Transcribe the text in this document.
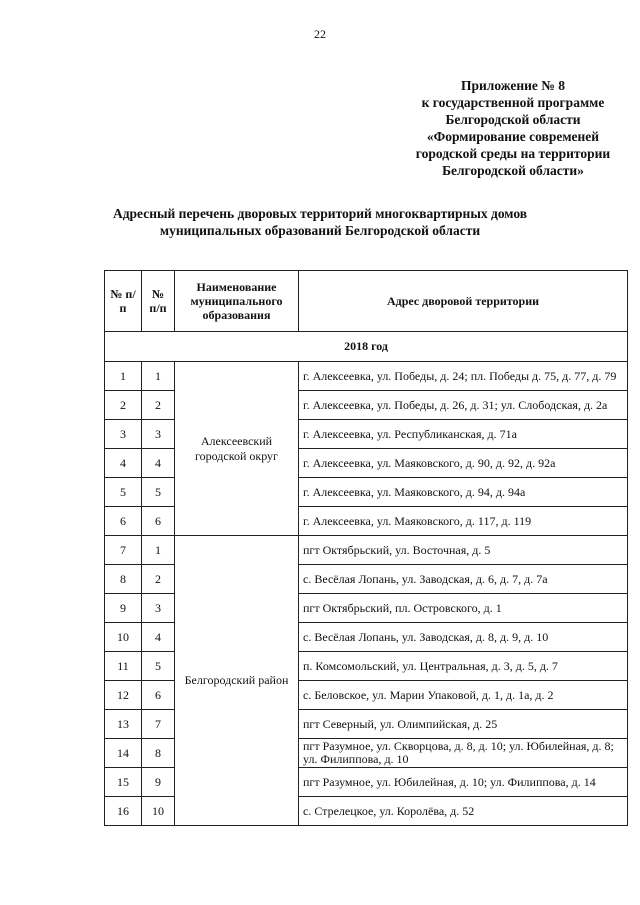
22
Приложение № 8
к государственной программе
Белгородской области
«Формирование современей
городской среды на территории
Белгородской области»
Адресный перечень дворовых территорий многоквартирных домов
муниципальных образований Белгородской области
№ п/п	№ п/п	Наименование муниципального образования	Адрес дворовой территории
2018 год			
1	1	Алексеевский городской округ	г. Алексеевка, ул. Победы, д. 24; пл. Победы д. 75, д. 77, д. 79
2	2		г. Алексеевка, ул. Победы, д. 26, д. 31; ул. Слободская, д. 2а
3	3		г. Алексеевка, ул. Республиканская, д. 71а
4	4		г. Алексеевка, ул. Маяковского, д. 90, д. 92, д. 92а
5	5		г. Алексеевка, ул. Маяковского, д. 94, д. 94а
6	6		г. Алексеевка, ул. Маяковского, д. 117, д. 119
7	1	Белгородский район	пгт Октябрьский, ул. Восточная, д. 5
8	2		с. Весёлая Лопань, ул. Заводская, д. 6, д. 7, д. 7а
9	3		пгт Октябрьский, пл. Островского, д. 1
10	4		с. Весёлая Лопань, ул. Заводская, д. 8, д. 9, д. 10
11	5		п. Комсомольский, ул. Центральная, д. 3, д. 5, д. 7
12	6		с. Беловское, ул. Марии Упаковой, д. 1, д. 1а, д. 2
13	7		пгт Северный, ул. Олимпийская, д. 25
14	8		пгт Разумное, ул. Скворцова, д. 8, д. 10; ул. Юбилейная, д. 8; ул. Филиппова, д. 10
15	9		пгт Разумное, ул. Юбилейная, д. 10; ул. Филиппова, д. 14
16	10		с. Стрелецкое, ул. Королёва, д. 52
